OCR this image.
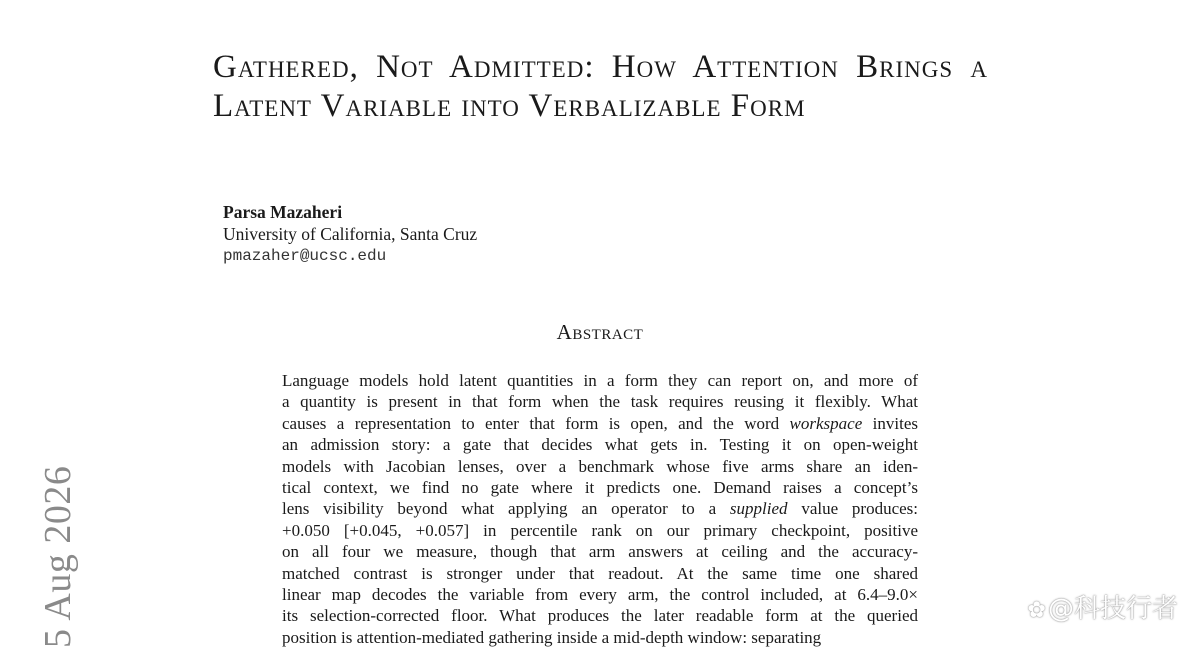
Gathered, Not Admitted: How Attention Brings a Latent Variable into Verbalizable Form
Parsa Mazaheri
University of California, Santa Cruz
pmazaher@ucsc.edu
Abstract
Language models hold latent quantities in a form they can report on, and more of
a quantity is present in that form when the task requires reusing it flexibly. What
causes a representation to enter that form is open, and the word workspace invites
an admission story: a gate that decides what gets in. Testing it on open-weight
models with Jacobian lenses, over a benchmark whose five arms share an iden-
tical context, we find no gate where it predicts one. Demand raises a concept’s
lens visibility beyond what applying an operator to a supplied value produces:
+0.050 [+0.045, +0.057] in percentile rank on our primary checkpoint, positive
on all four we measure, though that arm answers at ceiling and the accuracy-
matched contrast is stronger under that readout. At the same time one shared
linear map decodes the variable from every arm, the control included, at 6.4–9.0×
its selection-corrected floor. What produces the later readable form at the queried
position is attention-mediated gathering inside a mid-depth window: separating
5 Aug 2026	✿@科技行者
